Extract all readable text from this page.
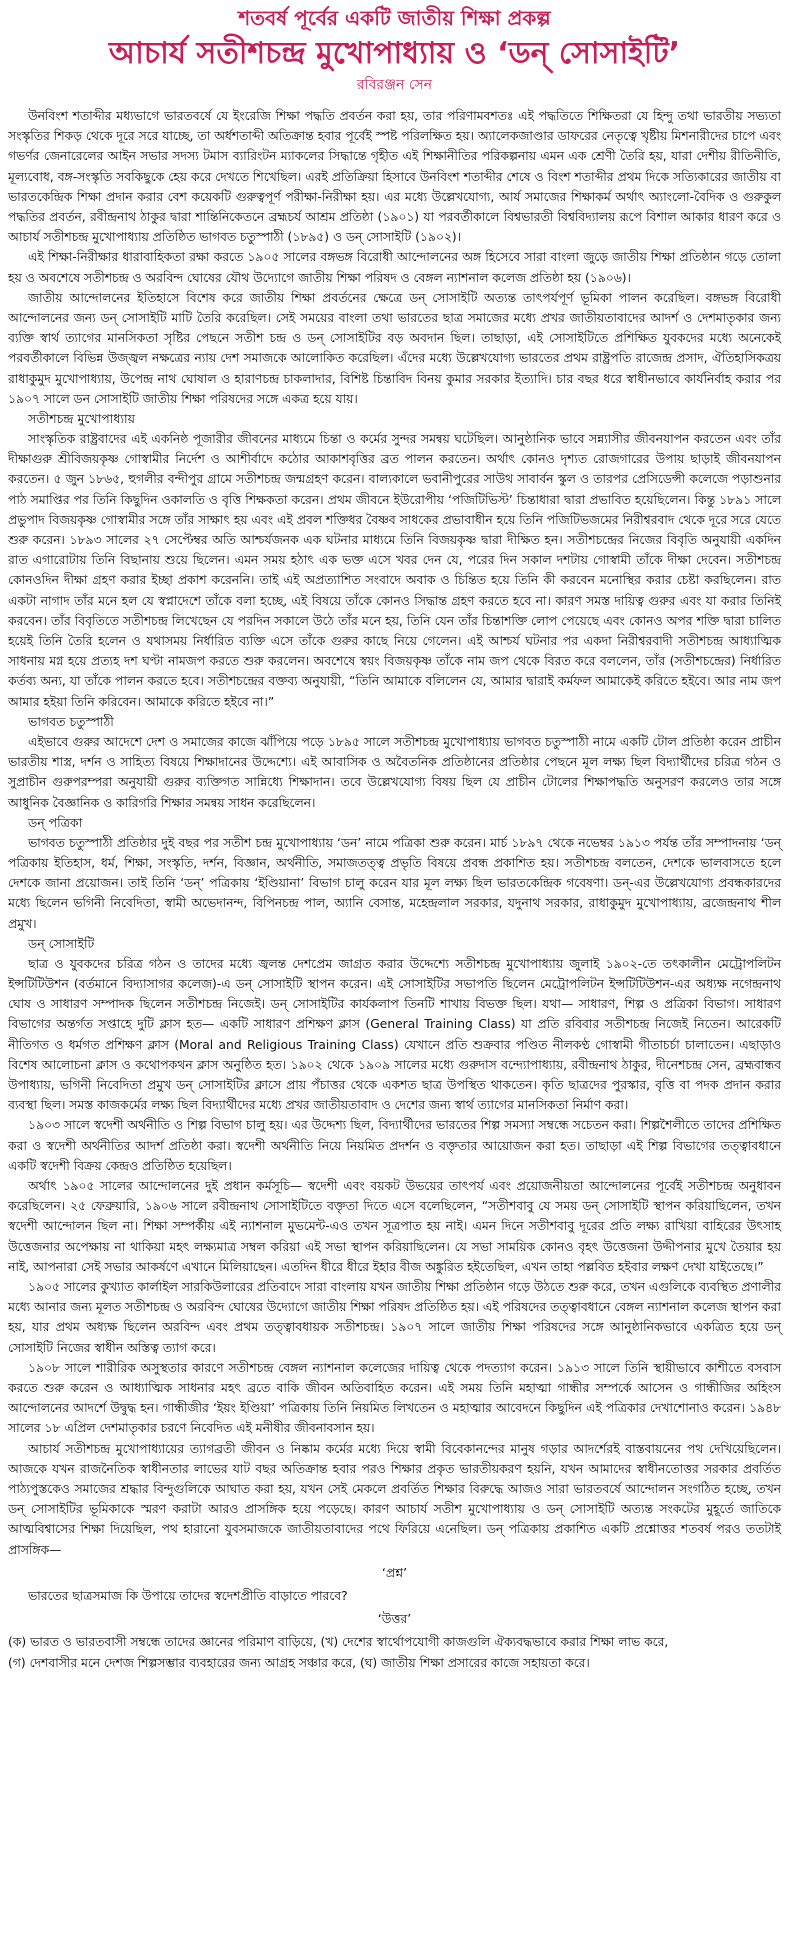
শতবর্ষ পূর্বের একটি জাতীয় শিক্ষা প্রকল্প
আচার্য সতীশচন্দ্র মুখোপাধ্যায় ও ‘ডন্ সোসাইটি’
রবিরঞ্জন সেন

উনবিংশ শতাব্দীর মধ্যভাগে ভারতবর্ষে যে ইংরেজি শিক্ষা পদ্ধতি প্রবর্তন করা হয়, তার পরিণামবশতঃ এই পদ্ধতিতে শিক্ষিতরা যে হিন্দু তথা ভারতীয় সভ্যতা সংস্কৃতির শিকড় থেকে দূরে সরে যাচ্ছে, তা অর্ধশতাব্দী অতিক্রান্ত হবার পূর্বেই স্পষ্ট পরিলক্ষিত হয়। অ্যালেকজাণ্ডার ডাফরের নেতৃত্বে খৃষ্টীয় মিশনারীদের চাপে এবং গভর্ণর জেনারেলের আইন সভার সদস্য টমাস ব্যারিংটন ম্যাকলের সিদ্ধান্তে গৃহীত এই শিক্ষানীতির পরিকল্পনায় এমন এক শ্রেণী তৈরি হয়, যারা দেশীয় রীতিনীতি, মূল্যবোধ, বঙ্গ-সংস্কৃতি সবকিছুকে হেয় করে দেখতে শিখেছিল। এরই প্রতিক্রিয়া হিসাবে উনবিংশ শতাব্দীর শেষে ও বিংশ শতাব্দীর প্রথম দিকে সত্যিকারের জাতীয় বা ভারতকেন্দ্রিক শিক্ষা প্রদান করার বেশ কয়েকটি গুরুত্বপূর্ণ পরীক্ষা-নিরীক্ষা হয়। এর মধ্যে উল্লেখযোগ্য, আর্য সমাজের শিক্ষাকর্ম অর্থাৎ অ্যাংলো-বৈদিক ও গুরুকুল পদ্ধতির প্রবর্তন, রবীন্দ্রনাথ ঠাকুর দ্বারা শান্তিনিকেতনে ব্রহ্মচর্য আশ্রম প্রতিষ্ঠা (১৯০১) যা পরবর্তীকালে বিশ্বভারতী বিশ্ববিদ্যালয় রূপে বিশাল আকার ধারণ করে ও আচার্য সতীশচন্দ্র মুখোপাধ্যায় প্রতিষ্ঠিত ভাগবত চতুস্পাঠী (১৮৯৫) ও ডন্ সোসাইটি (১৯০২)।

এই শিক্ষা-নিরীক্ষার ধারাবাহিকতা রক্ষা করতে ১৯০৫ সালের বঙ্গভঙ্গ বিরোধী আন্দোলনের অঙ্গ হিসেবে সারা বাংলা জুড়ে জাতীয় শিক্ষা প্রতিষ্ঠান গড়ে তোলা হয় ও অবশেষে সতীশচন্দ্র ও অরবিন্দ ঘোষের যৌথ উদ্যোগে জাতীয় শিক্ষা পরিষদ ও বেঙ্গল ন্যাশনাল কলেজ প্রতিষ্ঠা হয় (১৯০৬)।

জাতীয় আন্দোলনের ইতিহাসে বিশেষ করে জাতীয় শিক্ষা প্রবর্তনের ক্ষেত্রে ডন্ সোসাইটি অত্যন্ত তাৎপর্যপূর্ণ ভূমিকা পালন করেছিল। বঙ্গভঙ্গ বিরোধী আন্দোলনের জন্য ডন্ সোসাইটি মাটি তৈরি করেছিল। সেই সময়ের বাংলা তথা ভারতের ছাত্র সমাজের মধ্যে প্রখর জাতীয়তাবাদের আদর্শ ও দেশমাতৃকার জন্য ব্যক্তি স্বার্থ ত্যাগের মানসিকতা সৃষ্টির পেছনে সতীশ চন্দ্র ও ডন্ সোসাইটির বড় অবদান ছিল। তাছাড়া, এই সোসাইটিতে প্রশিক্ষিত যুবকদের মধ্যে অনেকেই পরবর্তীকালে বিভিন্ন উজ্জ্বল নক্ষত্রের ন্যায় দেশ সমাজকে আলোকিত করেছিল। এঁদের মধ্যে উল্লেখযোগ্য ভারতের প্রথম রাষ্ট্রপতি রাজেন্দ্র প্রসাদ, ঐতিহাসিকত্রয় রাধাকুমুদ মুখোপাধ্যায়, উপেন্দ্র নাথ ঘোষাল ও হারাণচন্দ্র চাকলাদার, বিশিষ্ট চিন্তাবিদ বিনয় কুমার সরকার ইত্যাদি। চার বছর ধরে স্বাধীনভাবে কার্যনির্বাহ করার পর ১৯০৭ সালে ডন সোসাইটি জাতীয় শিক্ষা পরিষদের সঙ্গে একত্র হয়ে যায়।

সতীশচন্দ্র মুখোপাধ্যায়

সাংস্কৃতিক রাষ্ট্রবাদের এই একনিষ্ঠ পূজারীর জীবনের মাধ্যমে চিন্তা ও কর্মের সুন্দর সমন্বয় ঘটেছিল। আনুষ্ঠানিক ভাবে সন্ন্যাসীর জীবনযাপন করতেন এবং তাঁর দীক্ষাগুরু শ্রীবিজয়কৃষ্ণ গোস্বামীর নির্দেশ ও আশীর্বাদে কঠোর আকাশবৃত্তির ব্রত পালন করতেন। অর্থাৎ কোনও দৃশ্যত রোজগারের উপায় ছাড়াই জীবনযাপন করতেন। ৫ জুন ১৮৬৫, হুগলীর বন্দীপুর গ্রামে সতীশচন্দ্র জন্মগ্রহণ করেন। বাল্যকালে ভবানীপুরের সাউথ সাবার্বন স্কুল ও তারপর প্রেসিডেন্সী কলেজে পড়াশুনার পাঠ সমাপ্তির পর তিনি কিছুদিন ওকালতি ও বৃত্তি শিক্ষকতা করেন। প্রথম জীবনে ইউরোপীয় ‘পজিটিভিস্ট’ চিন্তাধারা দ্বারা প্রভাবিত হয়েছিলেন। কিন্তু ১৮৯১ সালে প্রভুপাদ বিজয়কৃষ্ণ গোস্বামীর সঙ্গে তাঁর সাক্ষাৎ হয় এবং এই প্রবল শক্তিধর বৈষ্ণব সাধকের প্রভাবাধীন হয়ে তিনি পজিটিভজমের নিরীশ্বরবাদ থেকে দূরে সরে যেতে শুরু করেন। ১৮৯৩ সালের ২৭ সেপ্টেম্বর অতি আশ্চর্যজনক এক ঘটনার মাধ্যমে তিনি বিজয়কৃষ্ণ দ্বারা দীক্ষিত হন। সতীশচন্দ্রের নিজের বিবৃতি অনুযায়ী একদিন রাত এগারোটায় তিনি বিছানায় শুয়ে ছিলেন। এমন সময় হঠাৎ এক ভক্ত এসে খবর দেন যে, পরের দিন সকাল দশটায় গোস্বামী তাঁকে দীক্ষা দেবেন। সতীশচন্দ্র কোনওদিন দীক্ষা গ্রহণ করার ইচ্ছা প্রকাশ করেননি। তাই এই অপ্রত্যাশিত সংবাদে অবাক ও চিন্তিত হয়ে তিনি কী করবেন মনোস্থির করার চেষ্টা করছিলেন। রাত একটা নাগাদ তাঁর মনে হল যে স্বপ্নাদেশে তাঁকে বলা হচ্ছে, এই বিষয়ে তাঁকে কোনও সিদ্ধান্ত গ্রহণ করতে হবে না। কারণ সমস্ত দায়িত্ব গুরুর এবং যা করার তিনিই করবেন। তাঁর বিবৃতিতে সতীশচন্দ্র লিখেছেন যে পরদিন সকালে উঠে তাঁর মনে হয়, তিনি যেন তাঁর চিন্তাশক্তি লোপ পেয়েছে এবং কোনও অপর শক্তি দ্বারা চালিত হয়েই তিনি তৈরি হলেন ও যথাসময় নির্ধারিত ব্যক্তি এসে তাঁকে গুরুর কাছে নিয়ে গেলেন। এই আশ্চর্য ঘটনার পর একদা নিরীশ্বরবাদী সতীশচন্দ্র আধ্যাত্মিক সাধনায় মগ্ন হয়ে প্রত্যহ দশ ঘণ্টা নামজপ করতে শুরু করলেন। অবশেষে স্বয়ং বিজয়কৃষ্ণ তাঁকে নাম জপ থেকে বিরত করে বললেন, তাঁর (সতীশচন্দ্রের) নির্ধারিত কর্তব্য অন্য, যা তাঁকে পালন করতে হবে। সতীশচন্দ্রের বক্তব্য অনুযায়ী, “তিনি আমাকে বলিলেন যে, আমার দ্বারাই কর্মফল আমাকেই করিতে হইবে। আর নাম জপ আমার হইয়া তিনি করিবেন। আমাকে করিতে হইবে না।”

ভাগবত চতুস্পাঠী

এইভাবে গুরুর আদেশে দেশ ও সমাজের কাজে ঝাঁপিয়ে পড়ে ১৮৯৫ সালে সতীশচন্দ্র মুখোপাধ্যায় ভাগবত চতুস্পাঠী নামে একটি টোল প্রতিষ্ঠা করেন প্রাচীন ভারতীয় শাস্ত্র, দর্শন ও সাহিত্য বিষয়ে শিক্ষাদানের উদ্দেশ্যে। এই আবাসিক ও অবৈতনিক প্রতিষ্ঠানের প্রতিষ্ঠার পেছনে মূল লক্ষ্য ছিল বিদ্যার্থীদের চরিত্র গঠন ও সুপ্রাচীন গুরুপরম্পরা অনুযায়ী গুরুর ব্যক্তিগত সান্নিধ্যে শিক্ষাদান। তবে উল্লেখযোগ্য বিষয় ছিল যে প্রাচীন টোলের শিক্ষাপদ্ধতি অনুসরণ করলেও তার সঙ্গে আধুনিক বৈজ্ঞানিক ও কারিগরি শিক্ষার সমন্বয় সাধন করেছিলেন।

ডন্ পত্রিকা

ভাগবত চতুস্পাঠী প্রতিষ্ঠার দুই বছর পর সতীশ চন্দ্র মুখোপাধ্যায় ‘ডন’ নামে পত্রিকা শুরু করেন। মার্চ ১৮৯৭ থেকে নভেম্বর ১৯১৩ পর্যন্ত তাঁর সম্পাদনায় ‘ডন্ পত্রিকায় ইতিহাস, ধর্ম, শিক্ষা, সংস্কৃতি, দর্শন, বিজ্ঞান, অর্থনীতি, সমাজতত্ত্ব প্রভৃতি বিষয়ে প্রবন্ধ প্রকাশিত হয়। সতীশচন্দ্র বলতেন, দেশকে ভালবাসতে হলে দেশকে জানা প্রয়োজন। তাই তিনি ‘ডন্’ পত্রিকায় ‘ইণ্ডিয়ানা’ বিভাগ চালু করেন যার মূল লক্ষ্য ছিল ভারতকেন্দ্রিক গবেষণা। ডন্-এর উল্লেখযোগ্য প্রবন্ধকারদের মধ্যে ছিলেন ভগিনী নিবেদিতা, স্বামী অভেদানন্দ, বিপিনচন্দ্র পাল, অ্যানি বেসান্ত, মহেন্দ্রলাল সরকার, যদুনাথ সরকার, রাধাকুমুদ মুখোপাধ্যায়, ব্রজেন্দ্রনাথ শীল প্রমুখ।

ডন্ সোসাইটি

ছাত্র ও যুবকদের চরিত্র গঠন ও তাদের মধ্যে জ্বলন্ত দেশপ্রেম জাগ্রত করার উদ্দেশ্যে সতীশচন্দ্র মুখোপাধ্যায় জুলাই ১৯০২-তে তৎকালীন মেট্রোপলিটন ইন্সটিটিউশন (বর্তমানে বিদ্যাসাগর কলেজ)-এ ডন্ সোসাইটি স্থাপন করেন। এই সোসাইটির সভাপতি ছিলেন মেট্রোপলিটন ইন্সটিটিউশন-এর অধ্যক্ষ নগেন্দ্রনাথ ঘোষ ও সাধারণ সম্পাদক ছিলেন সতীশচন্দ্র নিজেই। ডন্ সোসাইটির কার্যকলাপ তিনটি শাখায় বিভক্ত ছিল। যথা— সাধারণ, শিল্প ও প্রত্রিকা বিভাগ। সাধারণ বিভাগের অন্তর্গত সপ্তাহে দুটি ক্লাস হত— একটি সাধারণ প্রশিক্ষণ ক্লাস (General Training Class) যা প্রতি রবিবার সতীশচন্দ্র নিজেই নিতেন। আরেকটি নীতিগত ও ধর্মগত প্রশিক্ষণ ক্লাস (Moral and Religious Training Class) যেখানে প্রতি শুক্রবার পণ্ডিত নীলকণ্ঠ গোস্বামী গীতাচর্চা চালাতেন। এছাড়াও বিশেষ আলোচনা ক্লাস ও কথোপকথন ক্লাস অনুষ্ঠিত হত। ১৯০২ থেকে ১৯০৯ সালের মধ্যে গুরুদাস বন্দ্যোপাধ্যায়, রবীন্দ্রনাথ ঠাকুর, দীনেশচন্দ্র সেন, ব্রহ্মবান্ধব উপাধ্যায়, ভগিনী নিবেদিতা প্রমুখ ডন্ সোসাইটির ক্লাসে প্রায় পঁচাত্তর থেকে একশত ছাত্র উপস্থিত থাকতেন। কৃতি ছাত্রদের পুরস্কার, বৃত্তি বা পদক প্রদান করার ব্যবস্থা ছিল। সমস্ত কাজকর্মের লক্ষ্য ছিল বিদ্যার্থীদের মধ্যে প্রখর জাতীয়তাবাদ ও দেশের জন্য স্বার্থ ত্যাগের মানসিকতা নির্মাণ করা।

১৯০৩ সালে স্বদেশী অর্থনীতি ও শিল্প বিভাগ চালু হয়। এর উদ্দেশ্য ছিল, বিদ্যার্থীদের ভারতের শিল্প সমস্যা সম্বন্ধে সচেতন করা। শিল্পশৈলীতে তাদের প্রশিক্ষিত করা ও স্বদেশী অর্থনীতির আদর্শ প্রতিষ্ঠা করা। স্বদেশী অর্থনীতি নিয়ে নিয়মিত প্রদর্শন ও বক্তৃতার আয়োজন করা হত। তাছাড়া এই শিল্প বিভাগের তত্ত্বাবধানে একটি স্বদেশী বিক্রয় কেন্দ্রও প্রতিষ্ঠিত হয়েছিল।

অর্থাৎ ১৯০৫ সালের আন্দোলনের দুই প্রধান কর্মসূচি— স্বদেশী এবং বয়কট উভয়ের তাৎপর্য এবং প্রয়োজনীয়তা আন্দোলনের পূর্বেই সতীশচন্দ্র অনুধাবন করেছিলেন। ২৫ ফেব্রুয়ারি, ১৯০৬ সালে রবীন্দ্রনাথ সোসাইটিতে বক্তৃতা দিতে এসে বলেছিলেন, “সতীশবাবু যে সময় ডন্ সোসাইটি স্থাপন করিয়াছিলেন, তখন স্বদেশী আন্দোলন ছিল না। শিক্ষা সম্পর্কীয় এই ন্যাশনাল মুভমেন্ট-এও তখন সূত্রপাত হয় নাই। এমন দিনে সতীশবাবু দূরের প্রতি লক্ষ্য রাখিয়া বাহিরের উৎসাহ উত্তেজনার অপেক্ষায় না থাকিয়া মহৎ লক্ষ্যমাত্র সম্বল করিয়া এই সভা স্থাপন করিয়াছিলেন। যে সভা সাময়িক কোনও বৃহৎ উত্তেজনা উদ্দীপনার মুখে তৈয়ার হয় নাই, আপনারা সেই সভার আকর্ষণে এখানে মিলিয়াছেন। এতদিন ধীরে ধীরে ইহার বীজ অঙ্কুরিত হইতেছিল, এখন তাহা পল্লবিত হইবার লক্ষণ দেখা যাইতেছে।”

১৯০৫ সালের কুখ্যাত কার্লাইল সারকিউলারের প্রতিবাদে সারা বাংলায় যখন জাতীয় শিক্ষা প্রতিষ্ঠান গড়ে উঠতে শুরু করে, তখন এগুলিকে ব্যবস্থিত প্রণালীর মধ্যে আনার জন্য মূলত সতীশচন্দ্র ও অরবিন্দ ঘোষের উদ্যোগে জাতীয় শিক্ষা পরিষদ প্রতিষ্ঠিত হয়। এই পরিষদের তত্ত্বাবধানে বেঙ্গল ন্যাশনাল কলেজ স্থাপন করা হয়, যার প্রথম অধ্যক্ষ ছিলেন অরবিন্দ এবং প্রথম তত্ত্বাবধায়ক সতীশচন্দ্র। ১৯০৭ সালে জাতীয় শিক্ষা পরিষদের সঙ্গে আনুষ্ঠানিকভাবে একত্রিত হয়ে ডন্ সোসাইটি নিজের স্বাধীন অস্তিত্ব ত্যাগ করে।

১৯০৮ সালে শারীরিক অসুস্থতার কারণে সতীশচন্দ্র বেঙ্গল ন্যাশনাল কলেজের দায়িত্ব থেকে পদত্যাগ করেন। ১৯১৩ সালে তিনি স্থায়ীভাবে কাশীতে বসবাস করতে শুরু করেন ও আধ্যাত্মিক সাধনার মহৎ ব্রতে বাকি জীবন অতিবাহিত করেন। এই সময় তিনি মহাত্মা গান্ধীর সম্পর্কে আসেন ও গান্ধীজির অহিংস আন্দোলনের আদর্শে উদ্বুদ্ধ হন। গান্ধীজীর ‘ইয়ং ইণ্ডিয়া’ পত্রিকায় তিনি নিয়মিত লিখতেন ও মহাত্মার আবেদনে কিছুদিন এই পত্রিকার দেখাশোনাও করেন। ১৯৪৮ সালের ১৮ এপ্রিল দেশমাতৃকার চরণে নিবেদিত এই মনীষীর জীবনাবসান হয়।

আচার্য সতীশচন্দ্র মুখোপাধ্যায়ের ত্যাগব্রতী জীবন ও নিষ্কাম কর্মের মধ্যে দিয়ে স্বামী বিবেকানন্দের মানুষ গড়ার আদর্শেরই বাস্তবায়নের পথ দেখিয়েছিলেন। আজকে যখন রাজনৈতিক স্বাধীনতার লাভের যাট বছর অতিক্রান্ত হবার পরও শিক্ষার প্রকৃত ভারতীয়করণ হয়নি, যখন আমাদের স্বাধীনতোত্তর সরকার প্রবর্তিত পাঠ্যপুস্তকেও সমাজের শ্রদ্ধার বিন্দুগুলিকে আঘাত করা হয়, যখন সেই মেকলে প্রবর্তিত শিক্ষার বিরুদ্ধে আজও সারা ভারতবর্ষে আন্দোলন সংগঠিত হচ্ছে, তখন ডন্ সোসাইটির ভূমিকাকে স্মরণ করাটা আরও প্রাসঙ্গিক হয়ে পড়েছে। কারণ আচার্য সতীশ মুখোপাধ্যায় ও ডন্ সোসাইটি অত্যন্ত সংকটের মুহূর্তে জাতিকে আত্মবিশ্বাসের শিক্ষা দিয়েছিল, পথ হারানো যুবসমাজকে জাতীয়তাবাদের পথে ফিরিয়ে এনেছিল। ডন্ পত্রিকায় প্রকাশিত একটি প্রশ্নোত্তর শতবর্ষ পরও ততটাই প্রাসঙ্গিক—

‘প্রশ্ন’
ভারতের ছাত্রসমাজ কি উপায়ে তাদের স্বদেশপ্রীতি বাড়াতে পারবে?
‘উত্তর’
(ক) ভারত ও ভারতবাসী সম্বন্ধে তাদের জ্ঞানের পরিমাণ বাড়িয়ে, (খ) দেশের স্বার্থোপযোগী কাজগুলি ঐক্যবদ্ধভাবে করার শিক্ষা লাভ করে,
(গ) দেশবাসীর মনে দেশজ শিল্পসম্ভার ব্যবহারের জন্য আগ্রহ সঞ্চার করে, (ঘ) জাতীয় শিক্ষা প্রসারের কাজে সহায়তা করে।
